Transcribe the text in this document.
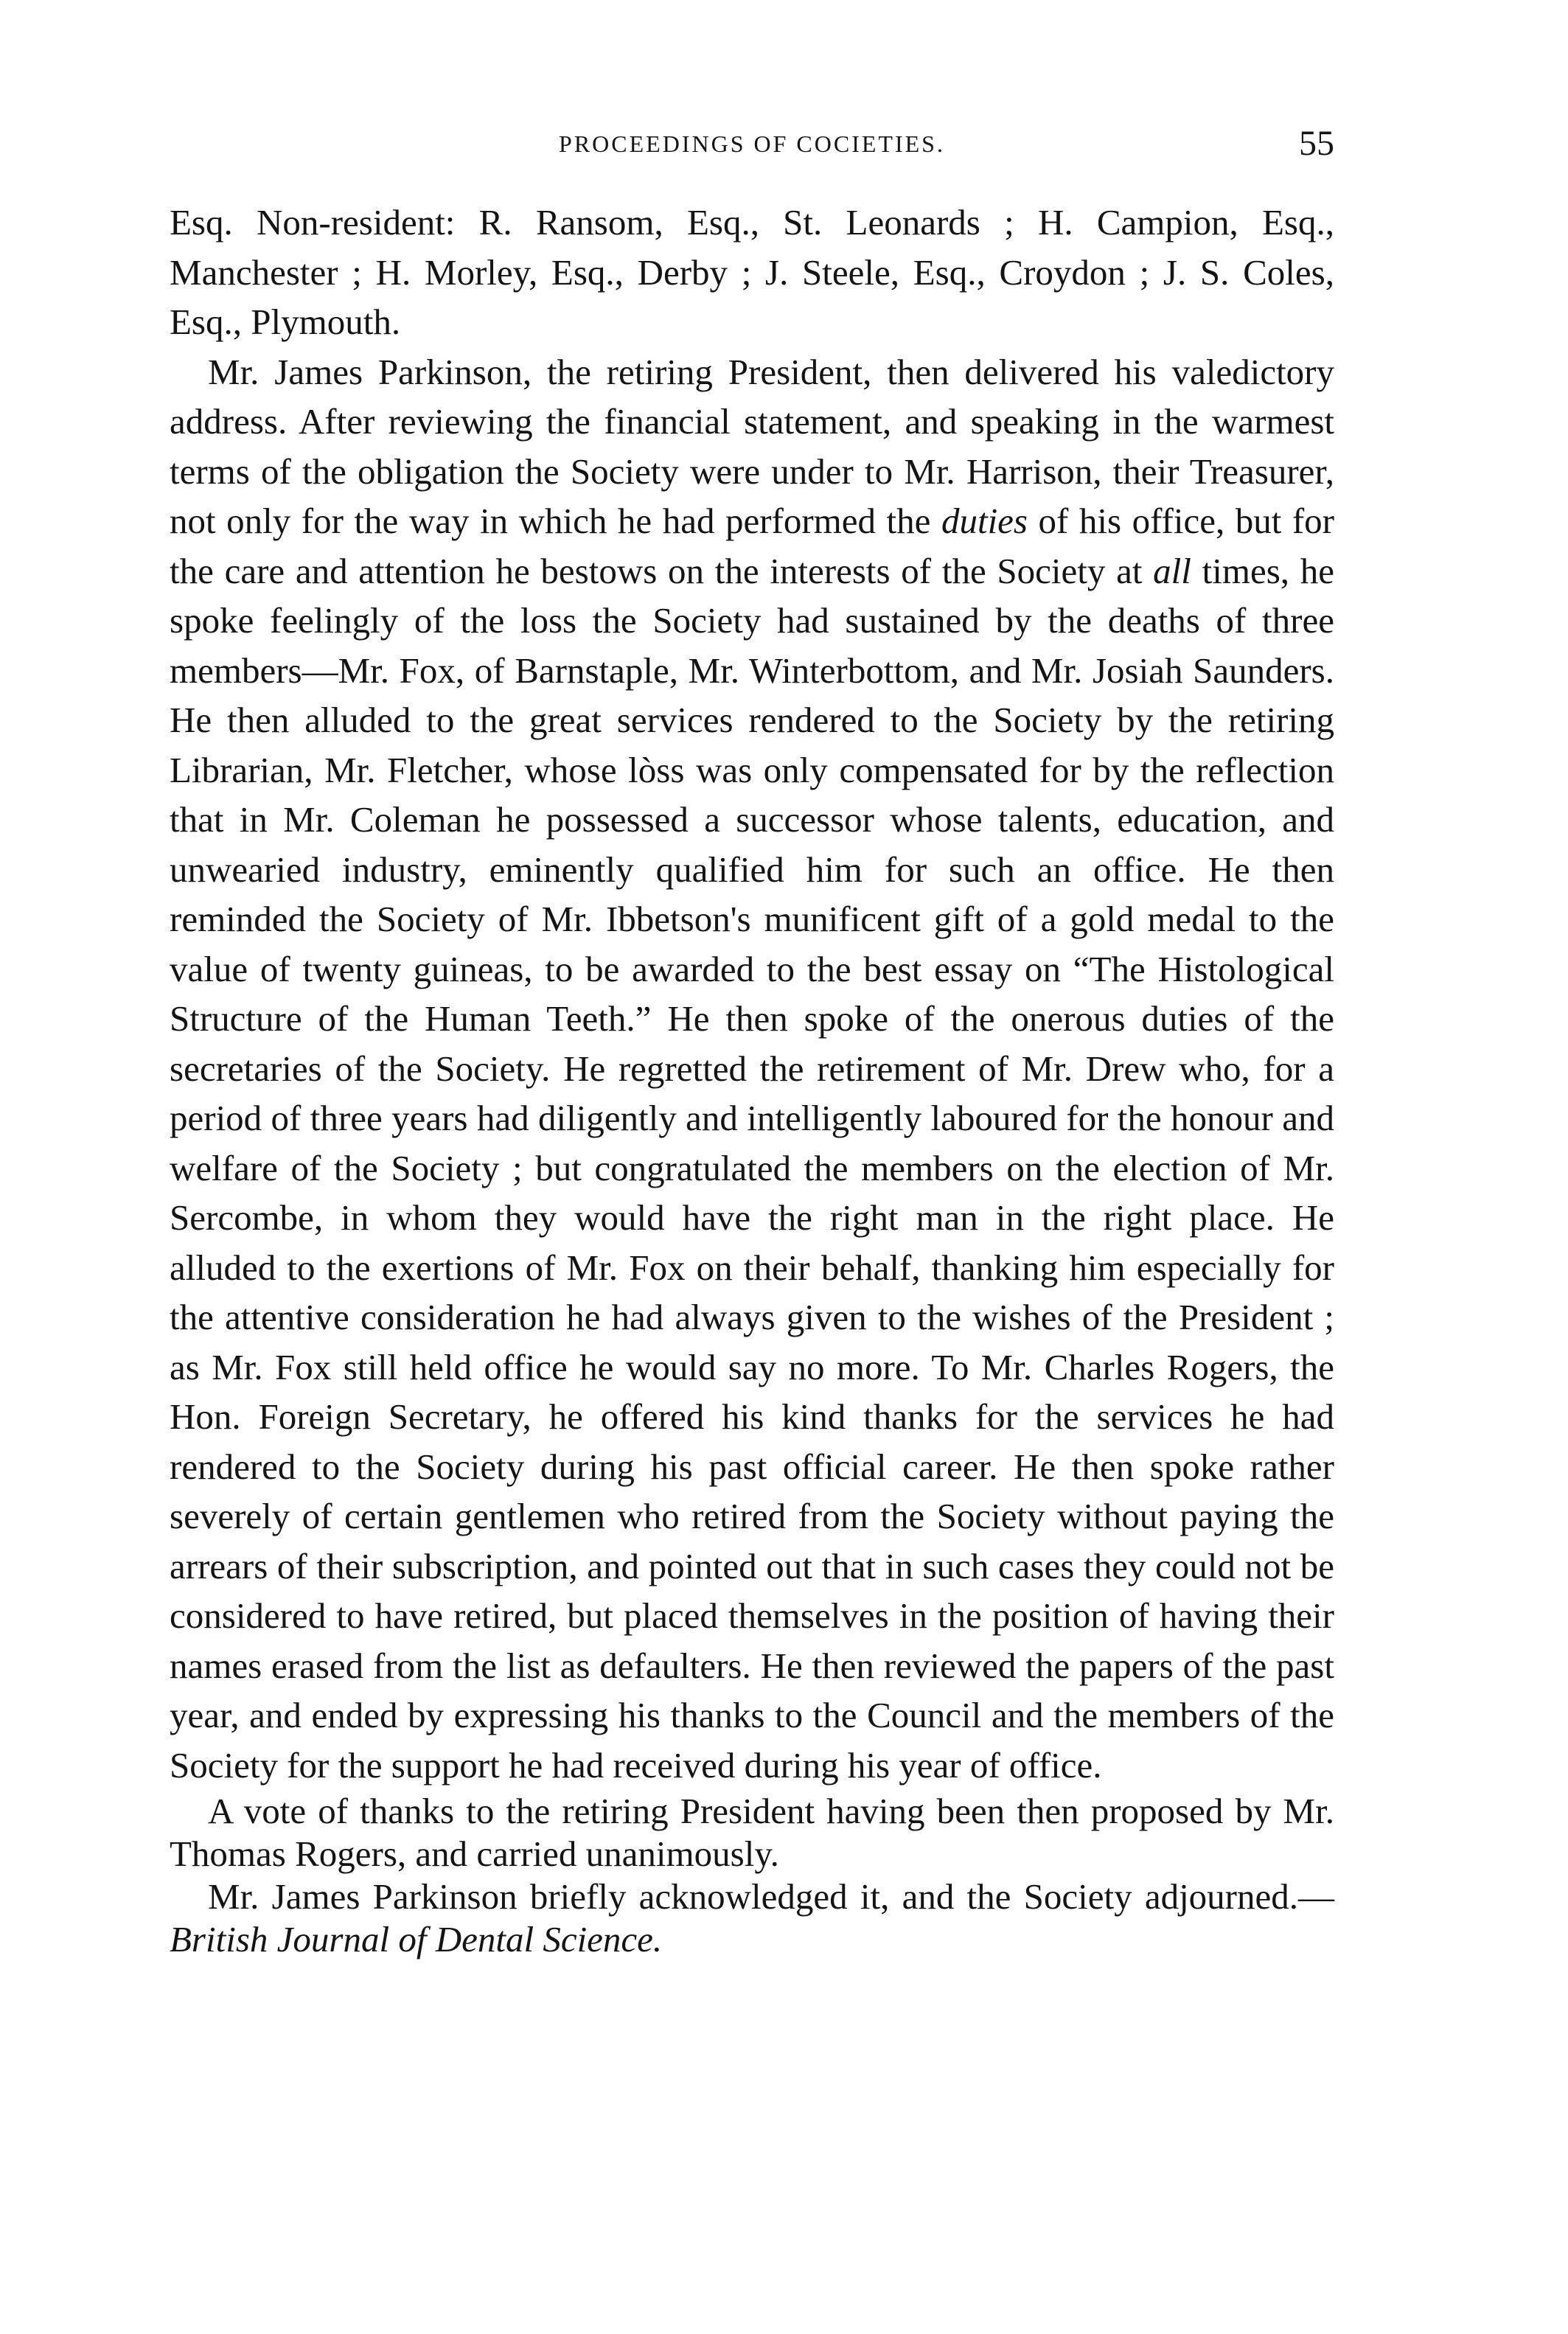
PROCEEDINGS OF COCIETIES.	55

Esq. Non-resident: R. Ransom, Esq., St. Leonards ; H. Campion, Esq., Manchester ; H. Morley, Esq., Derby ; J. Steele, Esq., Croydon ; J. S. Coles, Esq., Plymouth.

Mr. James Parkinson, the retiring President, then delivered his valedictory address. After reviewing the financial statement, and speaking in the warmest terms of the obligation the Society were under to Mr. Harrison, their Treasurer, not only for the way in which he had performed the duties of his office, but for the care and attention he bestows on the interests of the Society at all times, he spoke feelingly of the loss the Society had sustained by the deaths of three members—Mr. Fox, of Barnstaple, Mr. Winterbottom, and Mr. Josiah Saunders. He then alluded to the great services rendered to the Society by the retiring Librarian, Mr. Fletcher, whose lòss was only compensated for by the reflection that in Mr. Coleman he possessed a successor whose talents, education, and unwearied industry, eminently qualified him for such an office. He then reminded the Society of Mr. Ibbetson's munificent gift of a gold medal to the value of twenty guineas, to be awarded to the best essay on “The Histological Structure of the Human Teeth.” He then spoke of the onerous duties of the secretaries of the Society. He regretted the retirement of Mr. Drew who, for a period of three years had diligently and intelligently laboured for the honour and welfare of the Society ; but congratulated the members on the election of Mr. Sercombe, in whom they would have the right man in the right place. He alluded to the exertions of Mr. Fox on their behalf, thanking him especially for the attentive consideration he had always given to the wishes of the President ; as Mr. Fox still held office he would say no more. To Mr. Charles Rogers, the Hon. Foreign Secretary, he offered his kind thanks for the services he had rendered to the Society during his past official career. He then spoke rather severely of certain gentlemen who retired from the Society without paying the arrears of their subscription, and pointed out that in such cases they could not be considered to have retired, but placed themselves in the position of having their names erased from the list as defaulters. He then reviewed the papers of the past year, and ended by expressing his thanks to the Council and the members of the Society for the support he had received during his year of office.

A vote of thanks to the retiring President having been then proposed by Mr. Thomas Rogers, and carried unanimously.

Mr. James Parkinson briefly acknowledged it, and the Society adjourned.—British Journal of Dental Science.
